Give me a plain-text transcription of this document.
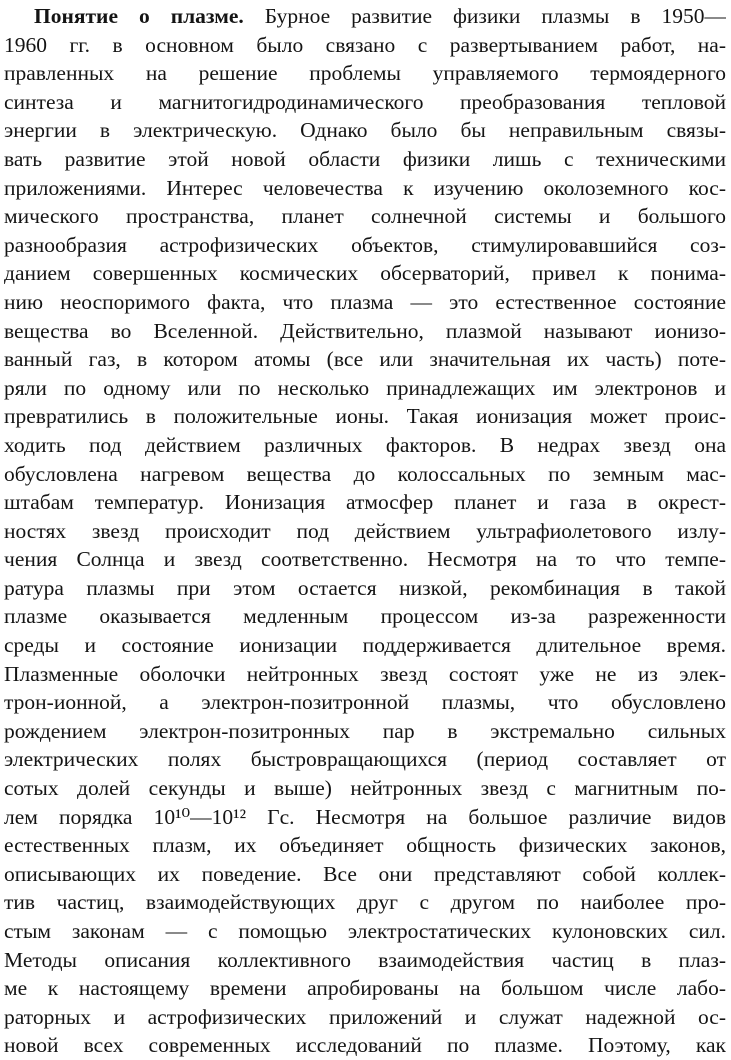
Понятие о плазме. Бурное развитие физики плазмы в 1950—
1960 гг. в основном было связано с развертыванием работ, на-
правленных на решение проблемы управляемого термоядерного
синтеза и магнитогидродинамического преобразования тепловой
энергии в электрическую. Однако было бы неправильным связы-
вать развитие этой новой области физики лишь с техническими
приложениями. Интерес человечества к изучению околоземного кос-
мического пространства, планет солнечной системы и большого
разнообразия астрофизических объектов, стимулировавшийся соз-
данием совершенных космических обсерваторий, привел к понима-
нию неоспоримого факта, что плазма — это естественное состояние
вещества во Вселенной. Действительно, плазмой называют ионизо-
ванный газ, в котором атомы (все или значительная их часть) поте-
ряли по одному или по несколько принадлежащих им электронов и
превратились в положительные ионы. Такая ионизация может проис-
ходить под действием различных факторов. В недрах звезд она
обусловлена нагревом вещества до колоссальных по земным мас-
штабам температур. Ионизация атмосфер планет и газа в окрест-
ностях звезд происходит под действием ультрафиолетового излу-
чения Солнца и звезд соответственно. Несмотря на то что темпе-
ратура плазмы при этом остается низкой, рекомбинация в такой
плазме оказывается медленным процессом из-за разреженности
среды и состояние ионизации поддерживается длительное время.
Плазменные оболочки нейтронных звезд состоят уже не из элек-
трон-ионной, а электрон-позитронной плазмы, что обусловлено
рождением электрон-позитронных пар в экстремально сильных
электрических полях быстровращающихся (период составляет от
сотых долей секунды и выше) нейтронных звезд с магнитным по-
лем порядка 10¹⁰—10¹² Гс. Несмотря на большое различие видов
естественных плазм, их объединяет общность физических законов,
описывающих их поведение. Все они представляют собой коллек-
тив частиц, взаимодействующих друг с другом по наиболее про-
стым законам — с помощью электростатических кулоновских сил.
Методы описания коллективного взаимодействия частиц в плаз-
ме к настоящему времени апробированы на большом числе лабо-
раторных и астрофизических приложений и служат надежной ос-
новой всех современных исследований по плазме. Поэтому, как
